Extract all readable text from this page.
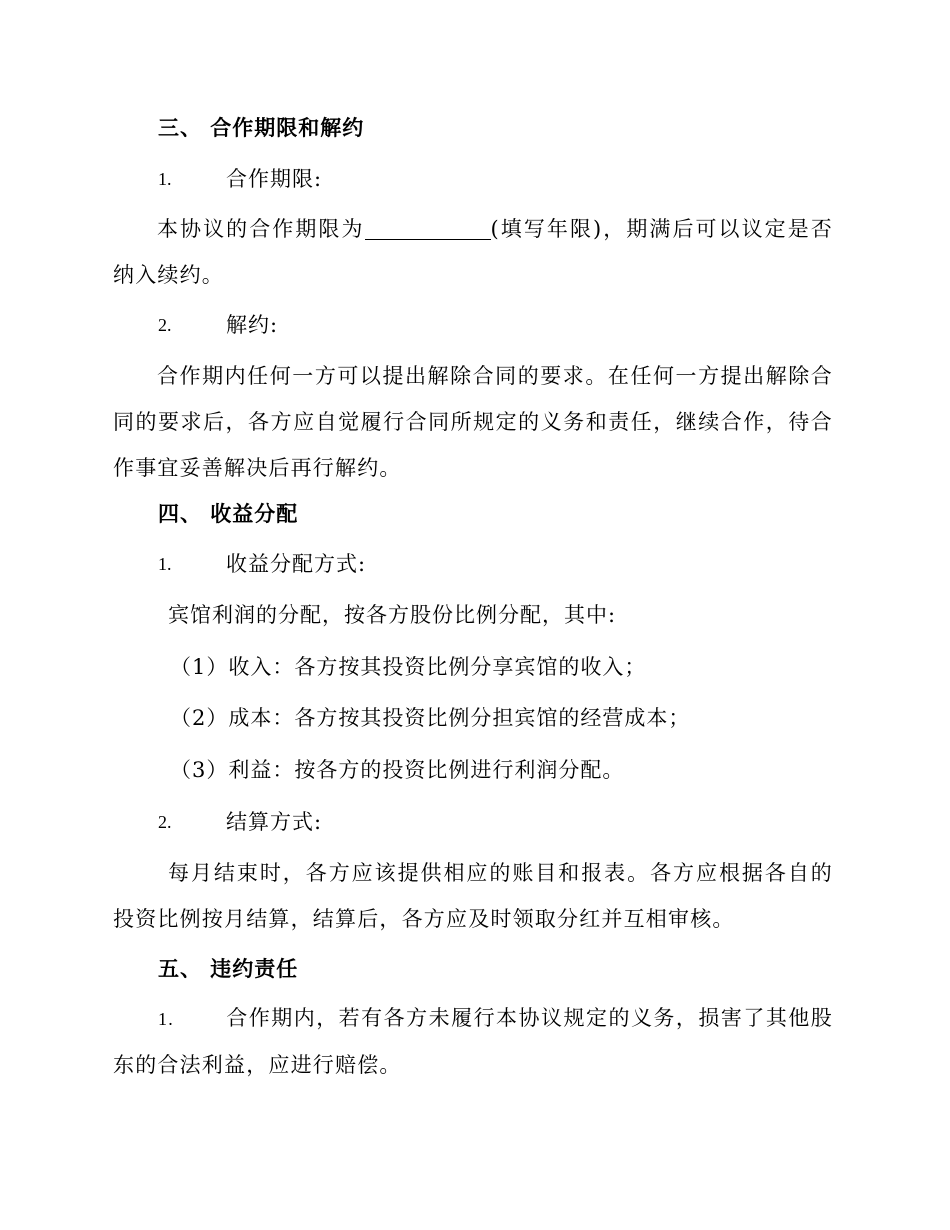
三、 合作期限和解约
1.	合作期限:
本协议的合作期限为	(填写年限)，期满后可以议定是否纳入续约。
2.	解约:
合作期内任何一方可以提出解除合同的要求。在任何一方提出解除合同的要求后，各方应自觉履行合同所规定的义务和责任，继续合作，待合作事宜妥善解决后再行解约。
四、 收益分配
1.	收益分配方式:
宾馆利润的分配，按各方股份比例分配，其中:
（1）收入：各方按其投资比例分享宾馆的收入；
（2）成本：各方按其投资比例分担宾馆的经营成本；
（3）利益：按各方的投资比例进行利润分配。
2.	结算方式:
每月结束时，各方应该提供相应的账目和报表。各方应根据各自的投资比例按月结算，结算后，各方应及时领取分红并互相审核。
五、 违约责任
1. 合作期内，若有各方未履行本协议规定的义务，损害了其他股东的合法利益，应进行赔偿。
